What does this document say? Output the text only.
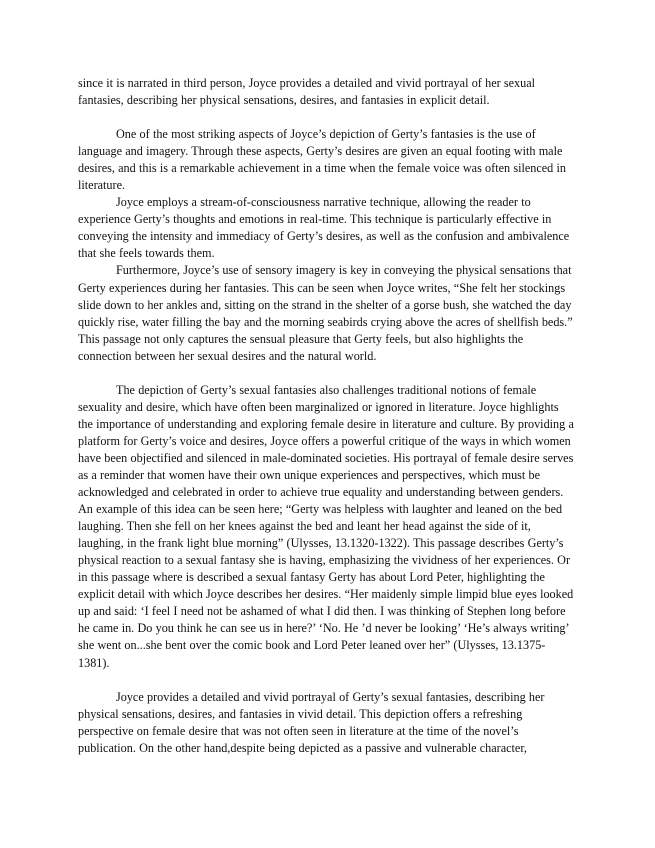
since it is narrated in third person, Joyce provides a detailed and vivid portrayal of her sexual fantasies, describing her physical sensations, desires, and fantasies in explicit detail.

One of the most striking aspects of Joyce’s depiction of Gerty’s fantasies is the use of language and imagery. Through these aspects, Gerty’s desires are given an equal footing with male desires, and this is a remarkable achievement in a time when the female voice was often silenced in literature.

Joyce employs a stream-of-consciousness narrative technique, allowing the reader to experience Gerty’s thoughts and emotions in real-time. This technique is particularly effective in conveying the intensity and immediacy of Gerty’s desires, as well as the confusion and ambivalence that she feels towards them.

Furthermore, Joyce’s use of sensory imagery is key in conveying the physical sensations that Gerty experiences during her fantasies. This can be seen when Joyce writes, “She felt her stockings slide down to her ankles and, sitting on the strand in the shelter of a gorse bush, she watched the day quickly rise, water filling the bay and the morning seabirds crying above the acres of shellfish beds.” This passage not only captures the sensual pleasure that Gerty feels, but also highlights the connection between her sexual desires and the natural world.

The depiction of Gerty’s sexual fantasies also challenges traditional notions of female sexuality and desire, which have often been marginalized or ignored in literature. Joyce highlights the importance of understanding and exploring female desire in literature and culture. By providing a platform for Gerty’s voice and desires, Joyce offers a powerful critique of the ways in which women have been objectified and silenced in male-dominated societies. His portrayal of female desire serves as a reminder that women have their own unique experiences and perspectives, which must be acknowledged and celebrated in order to achieve true equality and understanding between genders. An example of this idea can be seen here; “Gerty was helpless with laughter and leaned on the bed laughing. Then she fell on her knees against the bed and leant her head against the side of it, laughing, in the frank light blue morning” (Ulysses, 13.1320-1322). This passage describes Gerty’s physical reaction to a sexual fantasy she is having, emphasizing the vividness of her experiences. Or in this passage where is described a sexual fantasy Gerty has about Lord Peter, highlighting the explicit detail with which Joyce describes her desires. “Her maidenly simple limpid blue eyes looked up and said: ‘I feel I need not be ashamed of what I did then. I was thinking of Stephen long before he came in. Do you think he can see us in here?’ ‘No. He ’d never be looking’ ‘He’s always writing’ she went on...she bent over the comic book and Lord Peter leaned over her” (Ulysses, 13.1375-1381).

Joyce provides a detailed and vivid portrayal of Gerty’s sexual fantasies, describing her physical sensations, desires, and fantasies in vivid detail. This depiction offers a refreshing perspective on female desire that was not often seen in literature at the time of the novel’s publication. On the other hand,despite being depicted as a passive and vulnerable character,
